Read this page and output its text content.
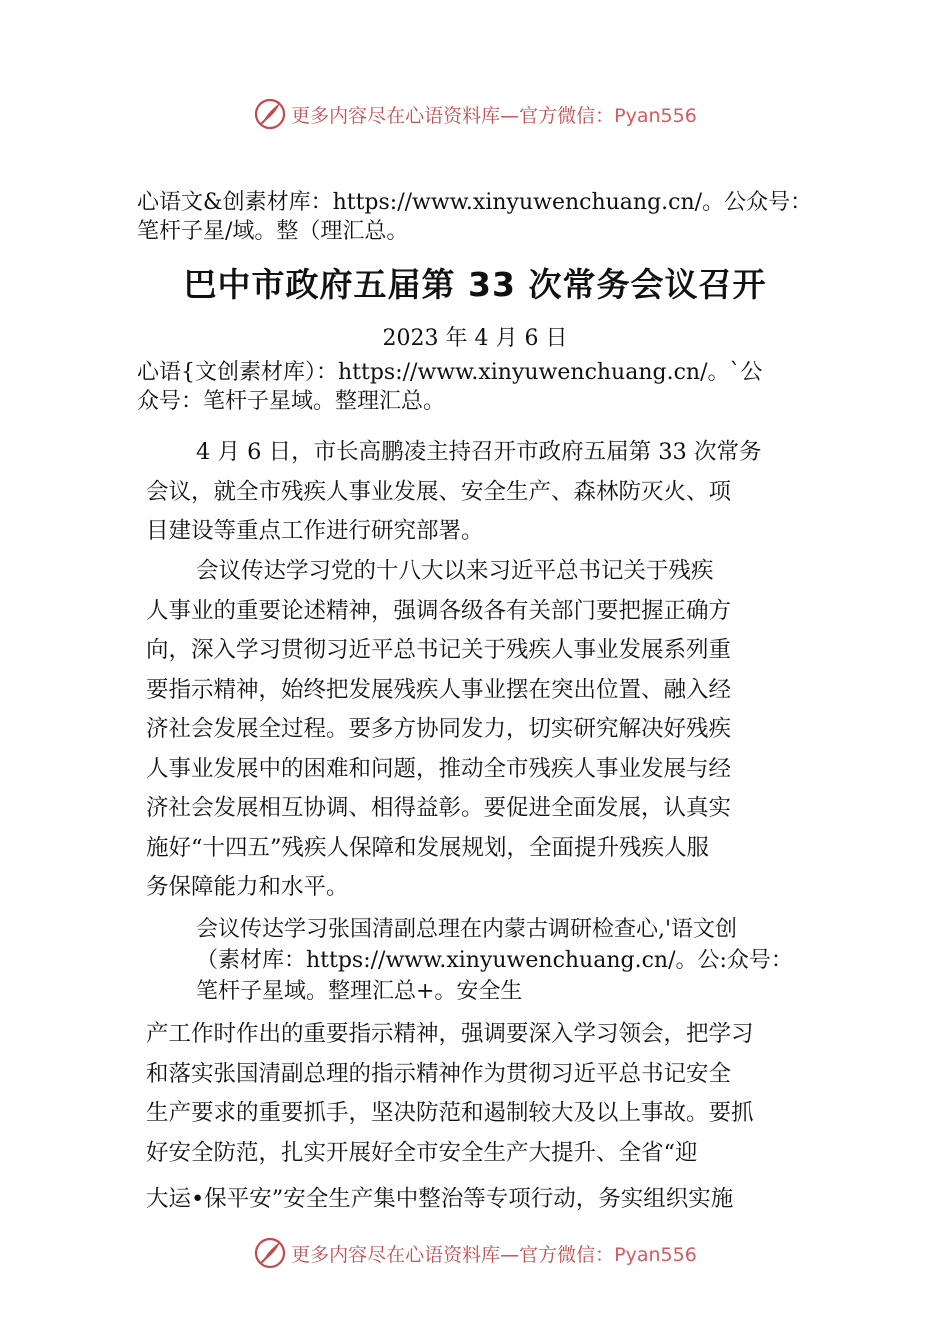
更多内容尽在心语资料库—官方微信：Pyan556

心语文&创素材库：https://www.xinyuwenchuang.cn/。公众号：
笔杆子星/域。整（理汇总。

巴中市政府五届第 33 次常务会议召开

2023 年 4 月 6 日

心语{文创素材库）：https://www.xinyuwenchuang.cn/。`公
众号：笔杆子星域。整理汇总。

4 月 6 日，市长高鹏凌主持召开市政府五届第 33 次常务
会议，就全市残疾人事业发展、安全生产、森林防灭火、项
目建设等重点工作进行研究部署。

会议传达学习党的十八大以来习近平总书记关于残疾
人事业的重要论述精神，强调各级各有关部门要把握正确方
向，深入学习贯彻习近平总书记关于残疾人事业发展系列重
要指示精神，始终把发展残疾人事业摆在突出位置、融入经
济社会发展全过程。要多方协同发力，切实研究解决好残疾
人事业发展中的困难和问题，推动全市残疾人事业发展与经
济社会发展相互协调、相得益彰。要促进全面发展，认真实
施好“十四五”残疾人保障和发展规划，全面提升残疾人服
务保障能力和水平。

会议传达学习张国清副总理在内蒙古调研检查心,'语文创
（素材库：https://www.xinyuwenchuang.cn/。公:众号：
笔杆子星域。整理汇总+。安全生

产工作时作出的重要指示精神，强调要深入学习领会，把学习
和落实张国清副总理的指示精神作为贯彻习近平总书记安全
生产要求的重要抓手，坚决防范和遏制较大及以上事故。要抓
好安全防范，扎实开展好全市安全生产大提升、全省“迎

大运•保平安”安全生产集中整治等专项行动，务实组织实施

更多内容尽在心语资料库—官方微信：Pyan556
